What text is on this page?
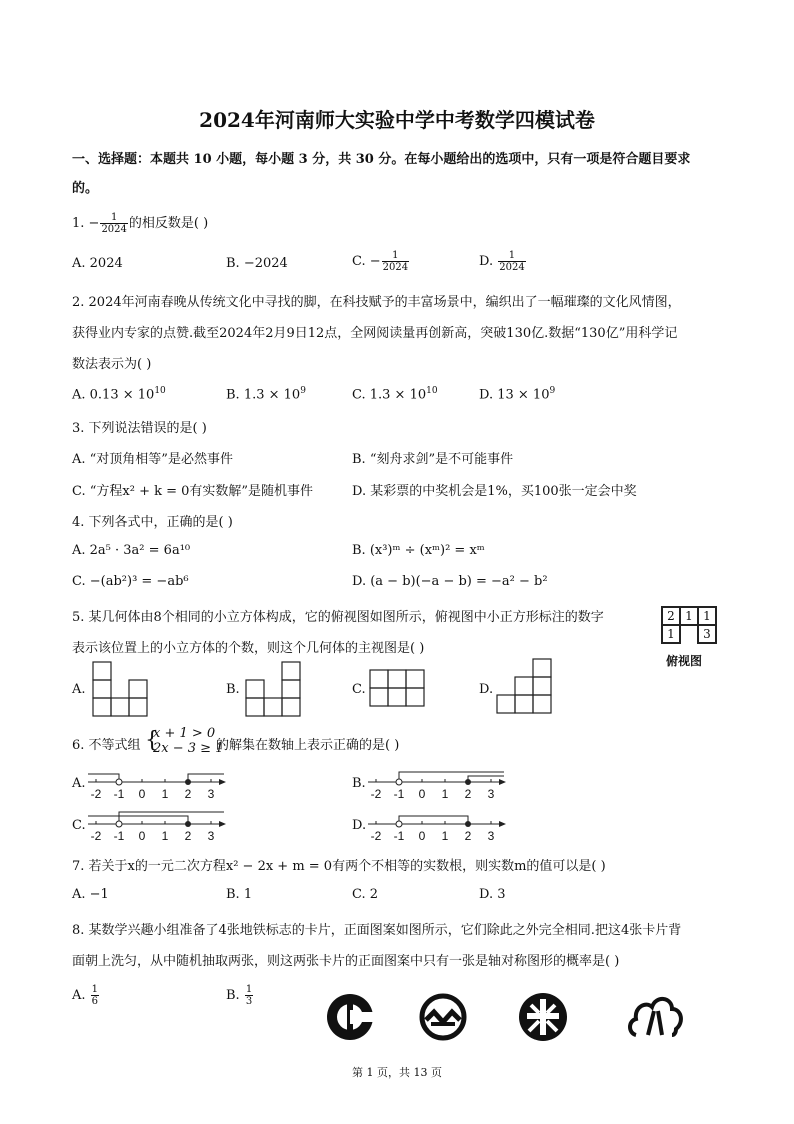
2024年河南师大实验中学中考数学四模试卷
一、选择题：本题共 10 小题，每小题 3 分，共 30 分。在每小题给出的选项中，只有一项是符合题目要求
的。
1. − $\frac{1}{2024}$ 的相反数是( )
A. 2024	B. −2024	C. − $\frac{1}{2024}$	D. $\frac{1}{2024}$
2. 2024年河南春晚从传统文化中寻找的脚，在科技赋予的丰富场景中，编织出了一幅璀璨的文化风情图，
获得业内专家的点赞.截至2024年2月9日12点，全网阅读量再创新高，突破130亿.数据“130亿”用科学记
数法表示为( )
A. $0.13 \times 10^{10}$	B. $1.3 \times 10^9$	C. $1.3 \times 10^{10}$	D. $13 \times 10^9$
3. 下列说法错误的是( )
A. “对顶角相等”是必然事件	B. “刻舟求剑”是不可能事件
C. “方程x² + k = 0有实数解”是随机事件	D. 某彩票的中奖机会是1%，买100张一定会中奖
4. 下列各式中，正确的是( )
A. 2a⁵ · 3a² = 6a¹⁰	B. (x³)ᵐ ÷ (xᵐ)² = xᵐ
C. −(ab²)³ = −ab⁶	D. (a − b)(−a − b) = −a² − b²
5. 某几何体由8个相同的小立方体构成，它的俯视图如图所示，俯视图中小正方形标注的数字
表示该位置上的小立方体的个数，则这个几何体的主视图是( )
2	1	1
1		3
俯视图
A.	B.	C.	D.
6. 不等式组 {
x + 1 > 0
2x − 3 ≥ 1
的解集在数轴上表示正确的是( )
A.	B.
C.	D.
-2 -1 0 1 2 3	-2 -1 0 1 2 3
-2 -1 0 1 2 3	-2 -1 0 1 2 3
7. 若关于x的一元二次方程x² − 2x + m = 0有两个不相等的实数根，则实数m的值可以是( )
A. −1	B. 1	C. 2	D. 3
8. 某数学兴趣小组准备了4张地铁标志的卡片，正面图案如图所示，它们除此之外完全相同.把这4张卡片背
面朝上洗匀，从中随机抽取两张，则这两张卡片的正面图案中只有一张是轴对称图形的概率是( )
A. $\frac{1}{6}$	B. $\frac{1}{3}$
第 1 页，共 13 页
